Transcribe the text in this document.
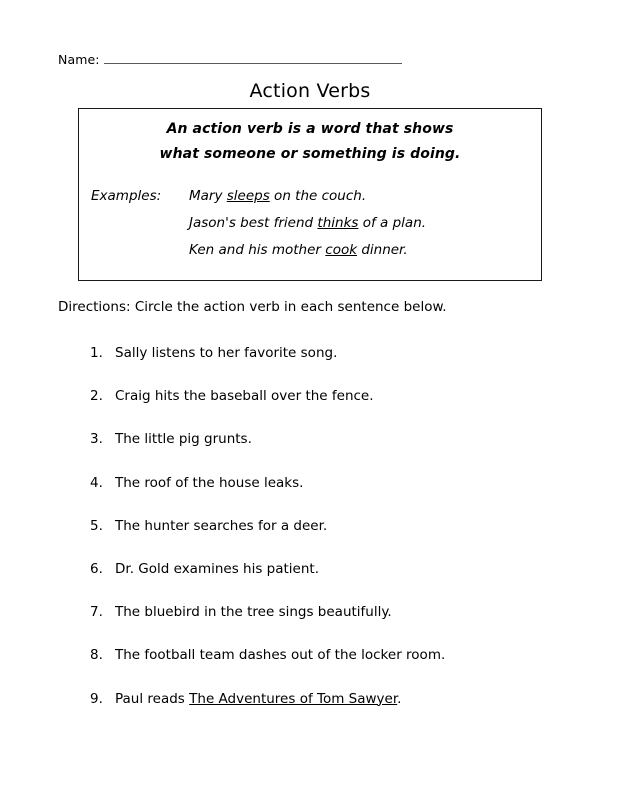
Name:
Action Verbs
An action verb is a word that shows
what someone or something is doing.
Examples:	Mary sleeps on the couch.
Jason's best friend thinks of a plan.
Ken and his mother cook dinner.
Directions: Circle the action verb in each sentence below.
1. Sally listens to her favorite song.
2. Craig hits the baseball over the fence.
3. The little pig grunts.
4. The roof of the house leaks.
5. The hunter searches for a deer.
6. Dr. Gold examines his patient.
7. The bluebird in the tree sings beautifully.
8. The football team dashes out of the locker room.
9. Paul reads The Adventures of Tom Sawyer.
